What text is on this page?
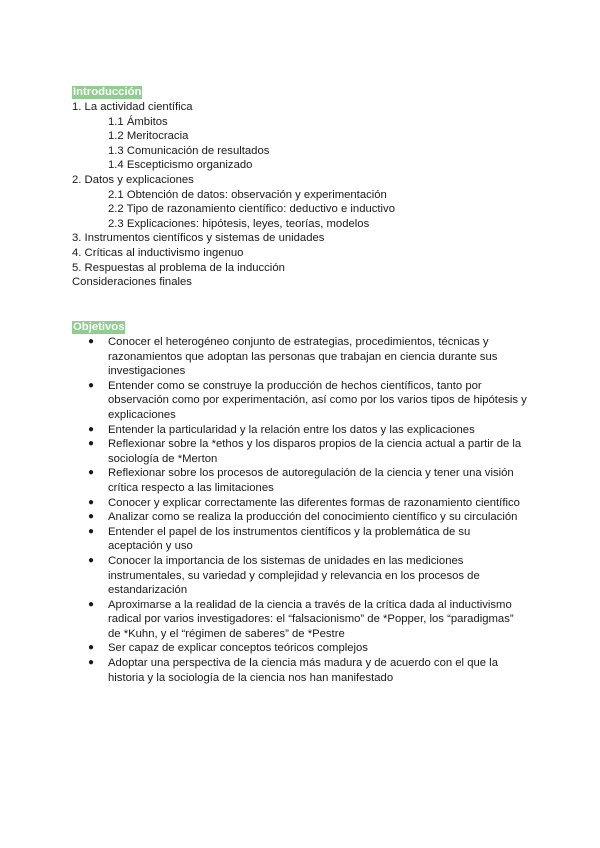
Introducción
1. La actividad científica
1.1 Ámbitos
1.2 Meritocracia
1.3 Comunicación de resultados
1.4 Escepticismo organizado
2. Datos y explicaciones
2.1 Obtención de datos: observación y experimentación
2.2 Tipo de razonamiento científico: deductivo e inductivo
2.3 Explicaciones: hipótesis, leyes, teorías, modelos
3. Instrumentos científicos y sistemas de unidades
4. Críticas al inductivismo ingenuo
5. Respuestas al problema de la inducción
Consideraciones finales
Objetivos
● Conocer el heterogéneo conjunto de estrategias, procedimientos, técnicas y razonamientos que adoptan las personas que trabajan en ciencia durante sus investigaciones
● Entender como se construye la producción de hechos científicos, tanto por observación como por experimentación, así como por los varios tipos de hipótesis y explicaciones
● Entender la particularidad y la relación entre los datos y las explicaciones
● Reflexionar sobre la *ethos y los disparos propios de la ciencia actual a partir de la sociología de *Merton
● Reflexionar sobre los procesos de autoregulación de la ciencia y tener una visión crítica respecto a las limitaciones
● Conocer y explicar correctamente las diferentes formas de razonamiento científico
● Analizar como se realiza la producción del conocimiento científico y su circulación
● Entender el papel de los instrumentos científicos y la problemática de su aceptación y uso
● Conocer la importancia de los sistemas de unidades en las mediciones instrumentales, su variedad y complejidad y relevancia en los procesos de estandarización
● Aproximarse a la realidad de la ciencia a través de la crítica dada al inductivismo radical por varios investigadores: el “falsacionismo” de *Popper, los “paradigmas” de *Kuhn, y el “régimen de saberes” de *Pestre
● Ser capaz de explicar conceptos teóricos complejos
● Adoptar una perspectiva de la ciencia más madura y de acuerdo con el que la historia y la sociología de la ciencia nos han manifestado
